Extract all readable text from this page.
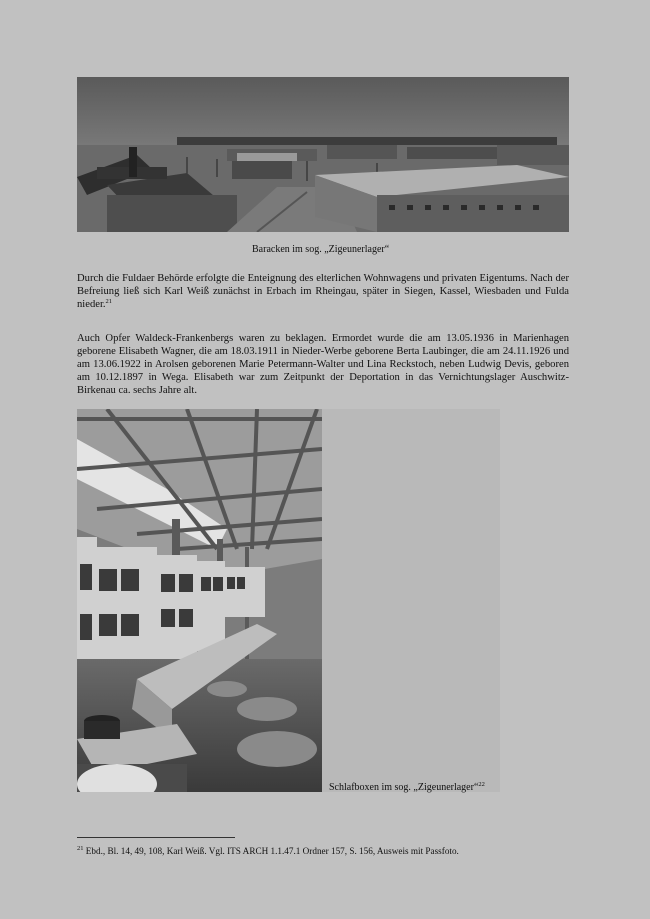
Baracken im sog. „Zigeunerlager“

Durch die Fuldaer Behörde erfolgte die Enteignung des elterlichen Wohnwagens und privaten Eigentums. Nach der Befreiung ließ sich Karl Weiß zunächst in Erbach im Rheingau, später in Siegen, Kassel, Wiesbaden und Fulda nieder.$^{21}$

Auch Opfer Waldeck-Frankenbergs waren zu beklagen. Ermordet wurde die am 13.05.1936 in Marienhagen geborene Elisabeth Wagner, die am 18.03.1911 in Nieder-Werbe geborene Berta Laubinger, die am 24.11.1926 und am 13.06.1922 in Arolsen geborenen Marie Petermann-Walter und Lina Reckstoch, neben Ludwig Devis, geboren am 10.12.1897 in Wega. Elisabeth war zum Zeitpunkt der Deportation in das Vernichtungslager Auschwitz-Birkenau ca. sechs Jahre alt.

Schlafboxen im sog. „Zigeunerlager“$^{22}$
$^{21}$ Ebd., Bl. 14, 49, 108, Karl Weiß. Vgl. ITS ARCH 1.1.47.1 Ordner 157, S. 156, Ausweis mit Passfoto.
